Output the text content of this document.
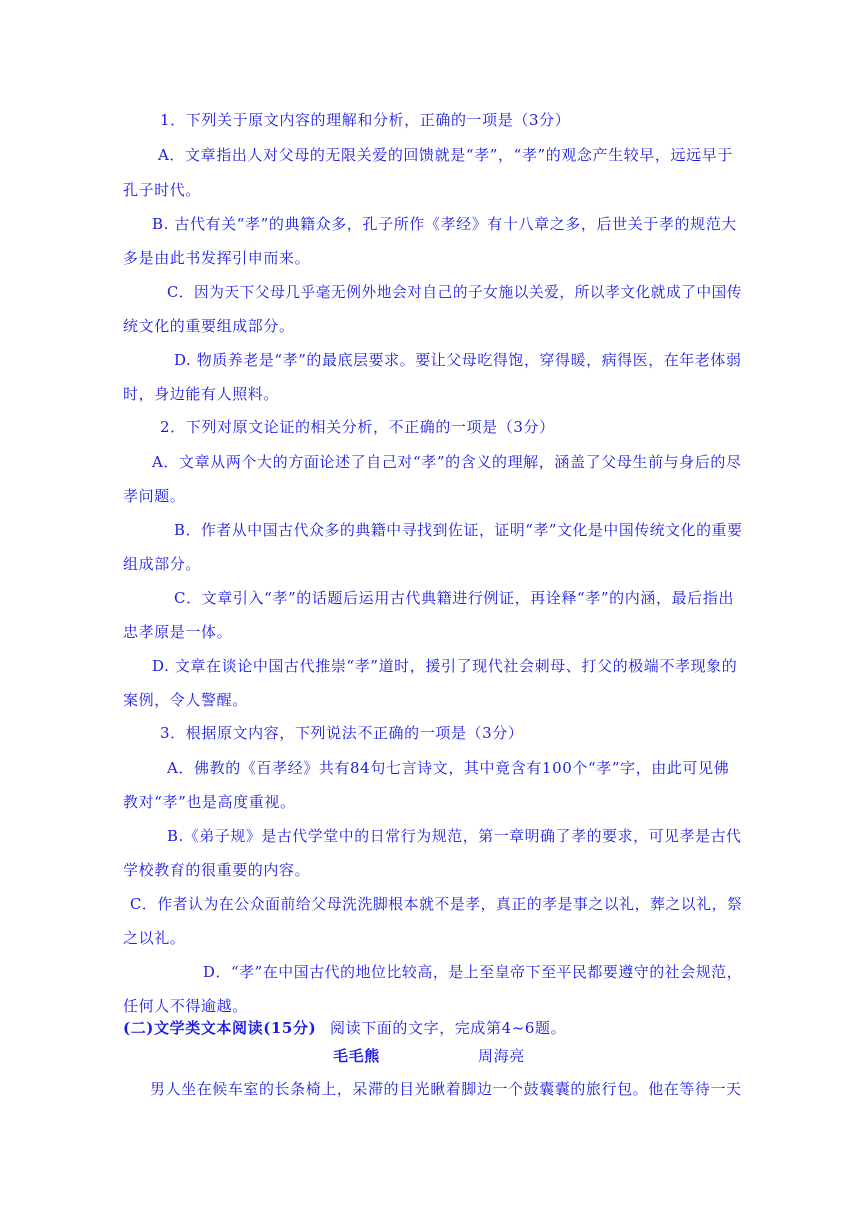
1．下列关于原文内容的理解和分析，正确的一项是（3分）
A．文章指出人对父母的无限关爱的回馈就是“孝”，“孝”的观念产生较早，远远早于
孔子时代。
B. 古代有关“孝”的典籍众多，孔子所作《孝经》有十八章之多，后世关于孝的规范大
多是由此书发挥引申而来。
C．因为天下父母几乎毫无例外地会对自己的子女施以关爱，所以孝文化就成了中国传
统文化的重要组成部分。
D. 物质养老是“孝”的最底层要求。要让父母吃得饱，穿得暖，病得医，在年老体弱
时，身边能有人照料。
2．下列对原文论证的相关分析，不正确的一项是（3分）
A．文章从两个大的方面论述了自己对“孝”的含义的理解，涵盖了父母生前与身后的尽
孝问题。
B．作者从中国古代众多的典籍中寻找到佐证，证明“孝”文化是中国传统文化的重要
组成部分。
C．文章引入“孝”的话题后运用古代典籍进行例证，再诠释“孝”的内涵，最后指出
忠孝原是一体。
D. 文章在谈论中国古代推崇“孝”道时，援引了现代社会刺母、打父的极端不孝现象的
案例，令人警醒。
3．根据原文内容，下列说法不正确的一项是（3分）
A．佛教的《百孝经》共有84句七言诗文，其中竟含有100个“孝”字，由此可见佛
教对“孝”也是高度重视。
B.《弟子规》是古代学堂中的日常行为规范，第一章明确了孝的要求，可见孝是古代
学校教育的很重要的内容。
C．作者认为在公众面前给父母洗洗脚根本就不是孝，真正的孝是事之以礼，葬之以礼，祭
之以礼。
D．“孝”在中国古代的地位比较高，是上至皇帝下至平民都要遵守的社会规范，
任何人不得逾越。
(二)文学类文本阅读(15分) 阅读下面的文字，完成第4~6题。
毛毛熊	周海亮
男人坐在候车室的长条椅上，呆滞的目光瞅着脚边一个鼓囊囊的旅行包。他在等待一天
